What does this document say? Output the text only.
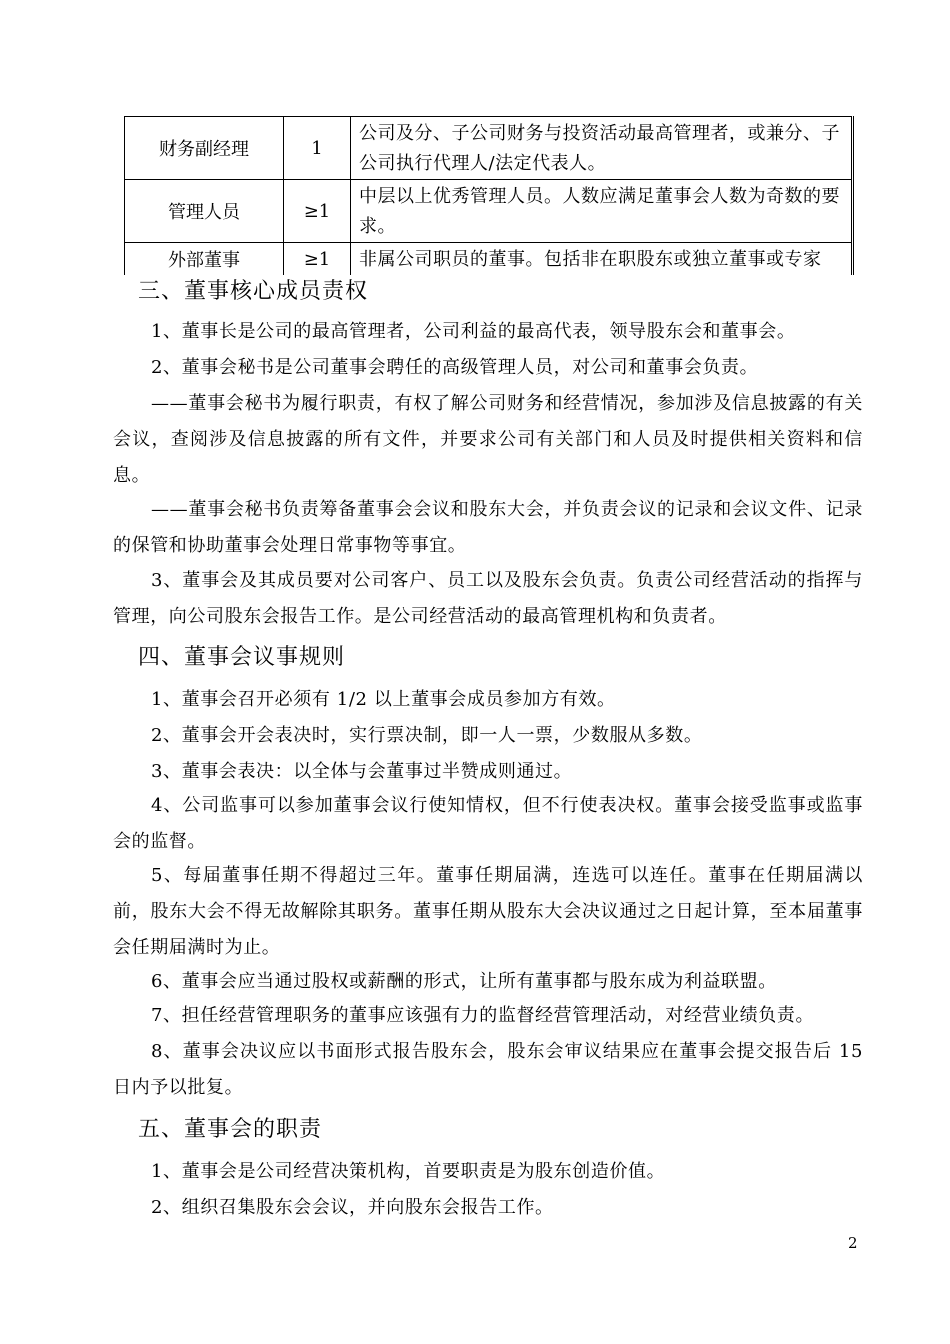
财务副经理	1	公司及分、子公司财务与投资活动最高管理者，或兼分、子公司执行代理人/法定代表人。
管理人员	≥1	中层以上优秀管理人员。人数应满足董事会人数为奇数的要求。
外部董事	≥1	非属公司职员的董事。包括非在职股东或独立董事或专家
三、董事核心成员责权
1、董事长是公司的最高管理者，公司利益的最高代表，领导股东会和董事会。
2、董事会秘书是公司董事会聘任的高级管理人员，对公司和董事会负责。
——董事会秘书为履行职责，有权了解公司财务和经营情况，参加涉及信息披露的有关会议，查阅涉及信息披露的所有文件，并要求公司有关部门和人员及时提供相关资料和信息。
——董事会秘书负责筹备董事会会议和股东大会，并负责会议的记录和会议文件、记录的保管和协助董事会处理日常事物等事宜。
3、董事会及其成员要对公司客户、员工以及股东会负责。负责公司经营活动的指挥与管理，向公司股东会报告工作。是公司经营活动的最高管理机构和负责者。
四、董事会议事规则
1、董事会召开必须有 1/2 以上董事会成员参加方有效。
2、董事会开会表决时，实行票决制，即一人一票，少数服从多数。
3、董事会表决：以全体与会董事过半赞成则通过。
4、公司监事可以参加董事会议行使知情权，但不行使表决权。董事会接受监事或监事会的监督。
5、每届董事任期不得超过三年。董事任期届满，连选可以连任。董事在任期届满以前，股东大会不得无故解除其职务。董事任期从股东大会决议通过之日起计算，至本届董事会任期届满时为止。
6、董事会应当通过股权或薪酬的形式，让所有董事都与股东成为利益联盟。
7、担任经营管理职务的董事应该强有力的监督经营管理活动，对经营业绩负责。
8、董事会决议应以书面形式报告股东会，股东会审议结果应在董事会提交报告后 15 日内予以批复。
五、董事会的职责
1、董事会是公司经营决策机构，首要职责是为股东创造价值。
2、组织召集股东会会议，并向股东会报告工作。
2
